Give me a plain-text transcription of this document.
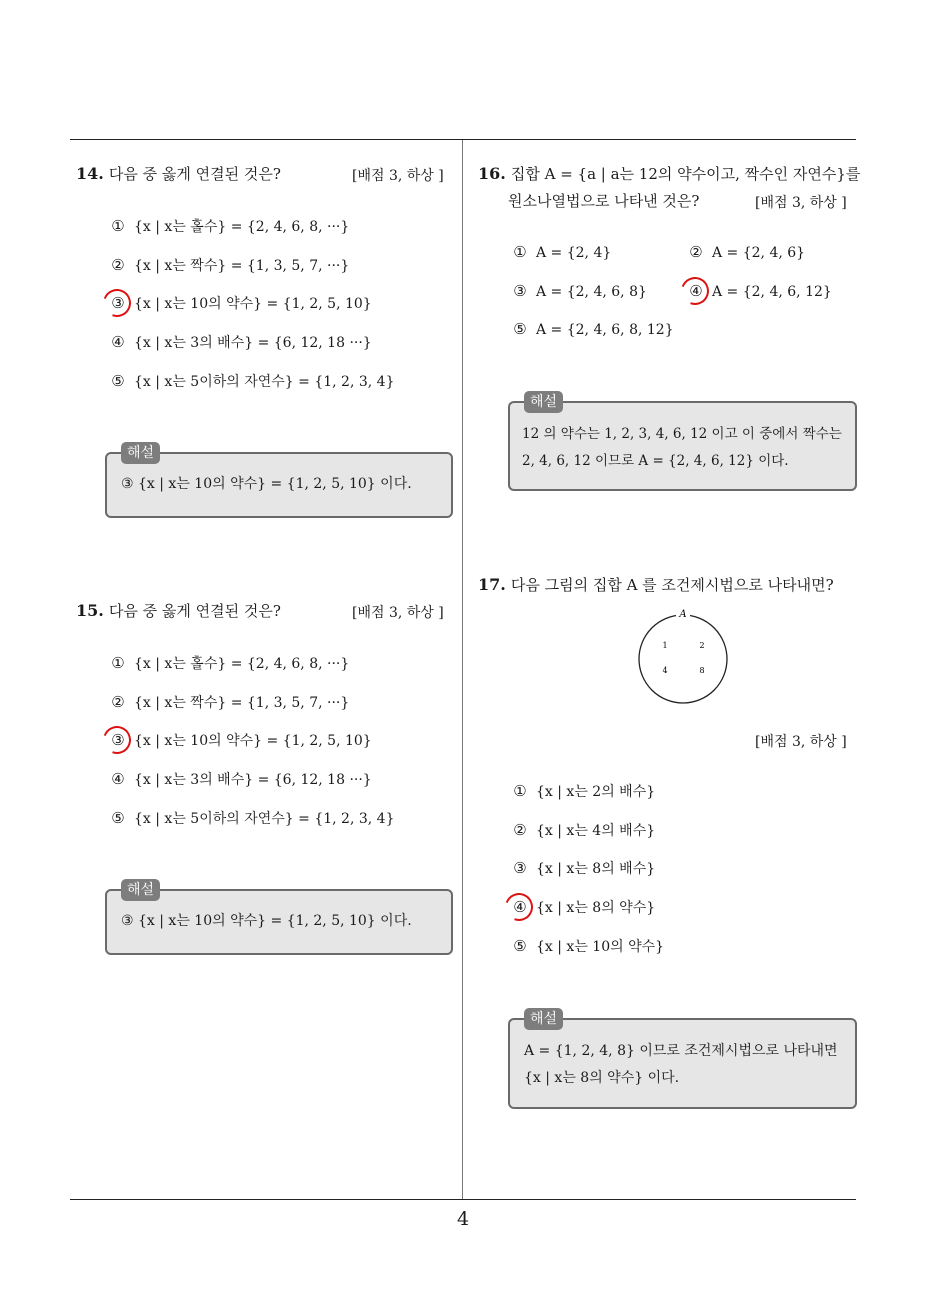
4
14. 다음 중 옳게 연결된 것은?	[배점 3, 하상 ]
① {x | x는 홀수} = {2, 4, 6, 8, ···}
② {x | x는 짝수} = {1, 3, 5, 7, ···}
③ {x | x는 10의 약수} = {1, 2, 5, 10}
④ {x | x는 3의 배수} = {6, 12, 18 ···}
⑤ {x | x는 5이하의 자연수} = {1, 2, 3, 4}
해설
③ {x | x는 10의 약수} = {1, 2, 5, 10} 이다.
15. 다음 중 옳게 연결된 것은?	[배점 3, 하상 ]
① {x | x는 홀수} = {2, 4, 6, 8, ···}
② {x | x는 짝수} = {1, 3, 5, 7, ···}
③ {x | x는 10의 약수} = {1, 2, 5, 10}
④ {x | x는 3의 배수} = {6, 12, 18 ···}
⑤ {x | x는 5이하의 자연수} = {1, 2, 3, 4}
해설
③ {x | x는 10의 약수} = {1, 2, 5, 10} 이다.
16. 집합 A = {a | a는 12의 약수이고, 짝수인 자연수}를
원소나열법으로 나타낸 것은?	[배점 3, 하상 ]
① A = {2, 4}	② A = {2, 4, 6}
③ A = {2, 4, 6, 8}	④ A = {2, 4, 6, 12}
⑤ A = {2, 4, 6, 8, 12}
해설
12 의 약수는 1, 2, 3, 4, 6, 12 이고 이 중에서 짝수는
2, 4, 6, 12 이므로 A = {2, 4, 6, 12} 이다.
17. 다음 그림의 집합 A 를 조건제시법으로 나타내면?
A
1	2
4	8
[배점 3, 하상 ]
① {x | x는 2의 배수}
② {x | x는 4의 배수}
③ {x | x는 8의 배수}
④ {x | x는 8의 약수}
⑤ {x | x는 10의 약수}
해설
A = {1, 2, 4, 8} 이므로 조건제시법으로 나타내면
{x | x는 8의 약수} 이다.
